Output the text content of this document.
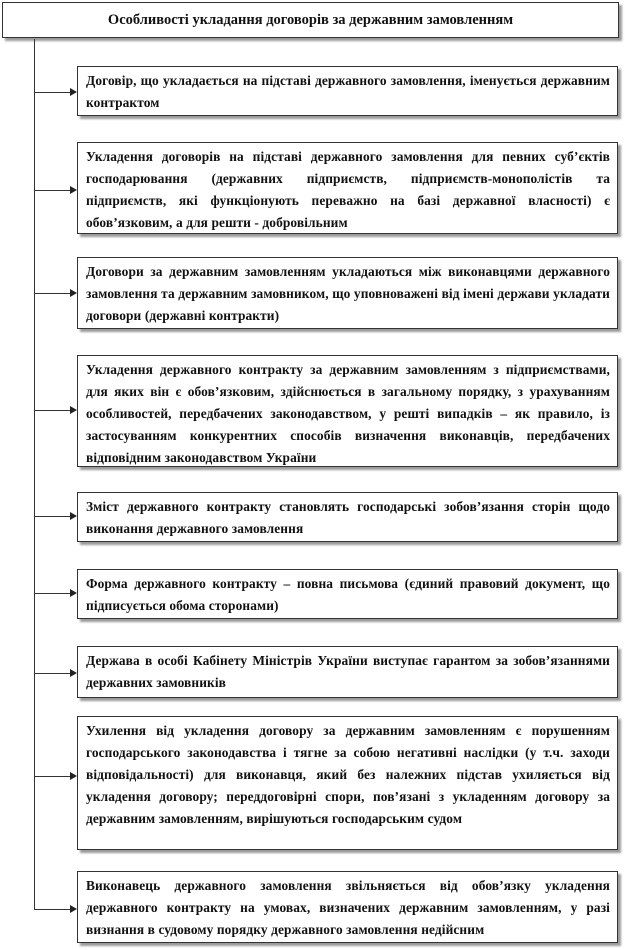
Особливості укладання договорів за державним замовленням
Договір, що укладається на підставі державного замовлення, іменується державним контрактом
Укладення договорів на підставі державного замовлення для певних суб’єктів господарювання (державних підприємств, підприємств-монополістів та підприємств, які функціонують переважно на базі державної власності) є обов’язковим, а для решти - добровільним
Договори за державним замовленням укладаються між виконавцями державного замовлення та державним замовником, що уповноважені від імені держави укладати договори (державні контракти)
Укладення державного контракту за державним замовленням з підприємствами, для яких він є обов’язковим, здійснюється в загальному порядку, з урахуванням особливостей, передбачених законодавством, у решті випадків – як правило, із застосуванням конкурентних способів визначення виконавців, передбачених відповідним законодавством України
Зміст державного контракту становлять господарські зобов’язання сторін щодо виконання державного замовлення
Форма державного контракту – повна письмова (єдиний правовий документ, що підписується обома сторонами)
Держава в особі Кабінету Міністрів України виступає гарантом за зобов’язаннями державних замовників
Ухилення від укладення договору за державним замовленням є порушенням господарського законодавства і тягне за собою негативні наслідки (у т.ч. заходи відповідальності) для виконавця, який без належних підстав ухиляється від укладення договору; переддоговірні спори, пов’язані з укладенням договору за державним замовленням, вирішуються господарським судом
Виконавець державного замовлення звільняється від обов’язку укладення державного контракту на умовах, визначених державним замовленням, у разі визнання в судовому порядку державного замовлення недійсним
